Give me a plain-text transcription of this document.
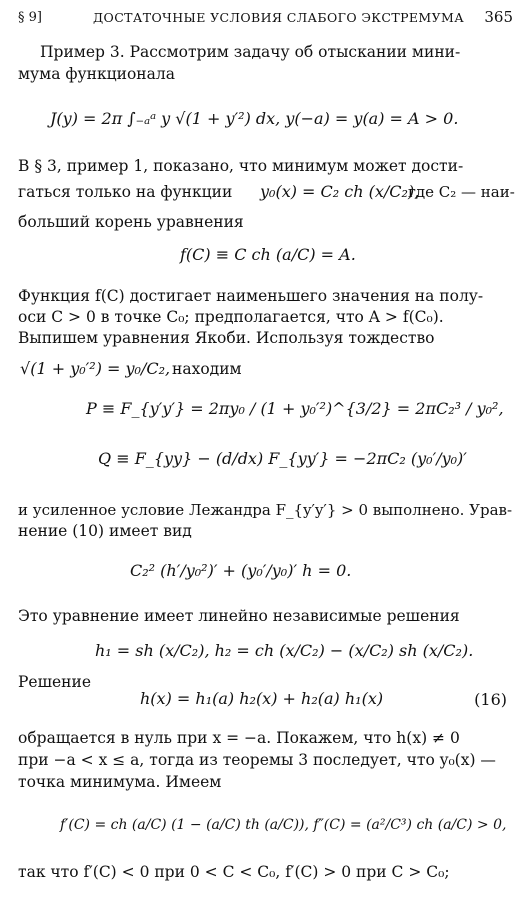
§ 9]	ДОСТАТОЧНЫЕ УСЛОВИЯ СЛАБОГО ЭКСТРЕМУМА 365
Пример 3. Рассмотрим задачу об отыскании мини-
мума функционала
J(y) = 2π ∫₋ₐᵃ y √(1 + y′²) dx, y(−a) = y(a) = A > 0.
В § 3, пример 1, показано, что минимум может дости-
гаться только на функции y₀(x) = C₂ ch (x/C₂),
где C₂ — наи-
больший корень уравнения
f(C) ≡ C ch (a/C) = A.
Функция f(C) достигает наименьшего значения на полу-
оси C > 0 в точке C₀; предполагается, что A > f(C₀).
Выпишем уравнения Якоби. Используя тождество
√(1 + y₀′²) = y₀/C₂, находим
P ≡ F_{y′y′} = 2πy₀ / (1 + y₀′²)^{3/2} = 2πC₂³ / y₀²,
Q ≡ F_{yy} − (d/dx) F_{yy′} = −2πC₂ (y₀′/y₀)′
и усиленное условие Лежандра F_{y′y′} > 0 выполнено. Урав-
нение (10) имеет вид
C₂² (h′/y₀²)′ + (y₀′/y₀)′ h = 0.
Это уравнение имеет линейно независимые решения
h₁ = sh (x/C₂), h₂ = ch (x/C₂) − (x/C₂) sh (x/C₂).
Решение
h(x) = h₁(a) h₂(x) + h₂(a) h₁(x)	(16)
обращается в нуль при x = −a. Покажем, что h(x) ≠ 0
при −a < x ≤ a, тогда из теоремы 3 последует, что y₀(x) —
точка минимума. Имеем
f′(C) = ch (a/C) (1 − (a/C) th (a/C)), f″(C) = (a²/C³) ch (a/C) > 0,
так что f′(C) < 0 при 0 < C < C₀, f′(C) > 0 при C > C₀;
